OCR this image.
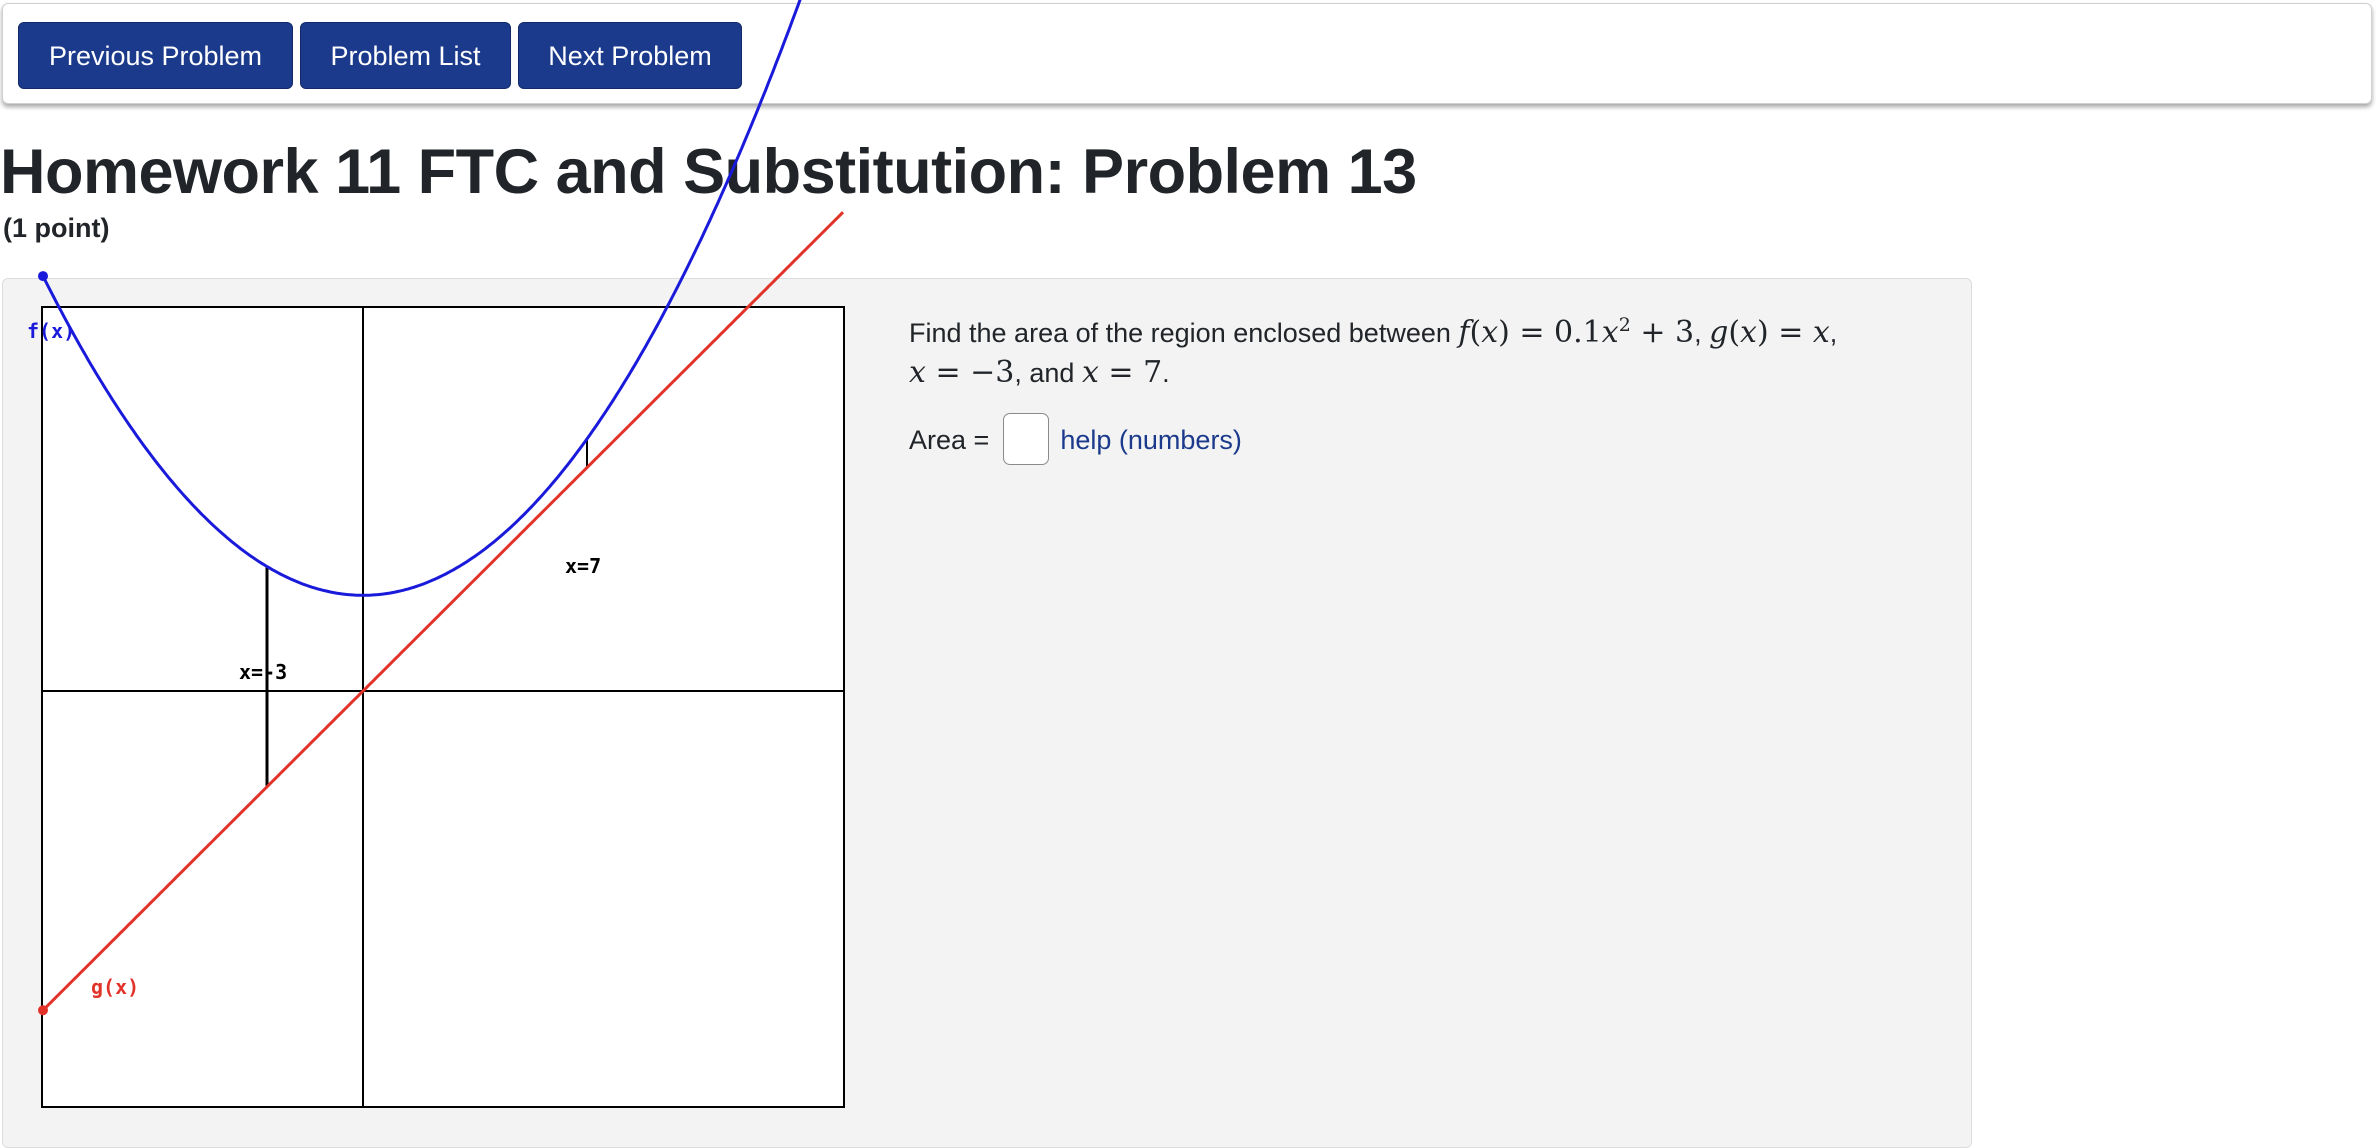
Previous Problem	Problem List	Next Problem
Homework 11 FTC and Substitution: Problem 13
(1 point)
f(x)
g(x)
x=-3
x=7
Find the area of the region enclosed between $f(x) = 0.1x^2 + 3$, g(x) = x,
x = −3, and x = 7.
Area =	help (numbers)
